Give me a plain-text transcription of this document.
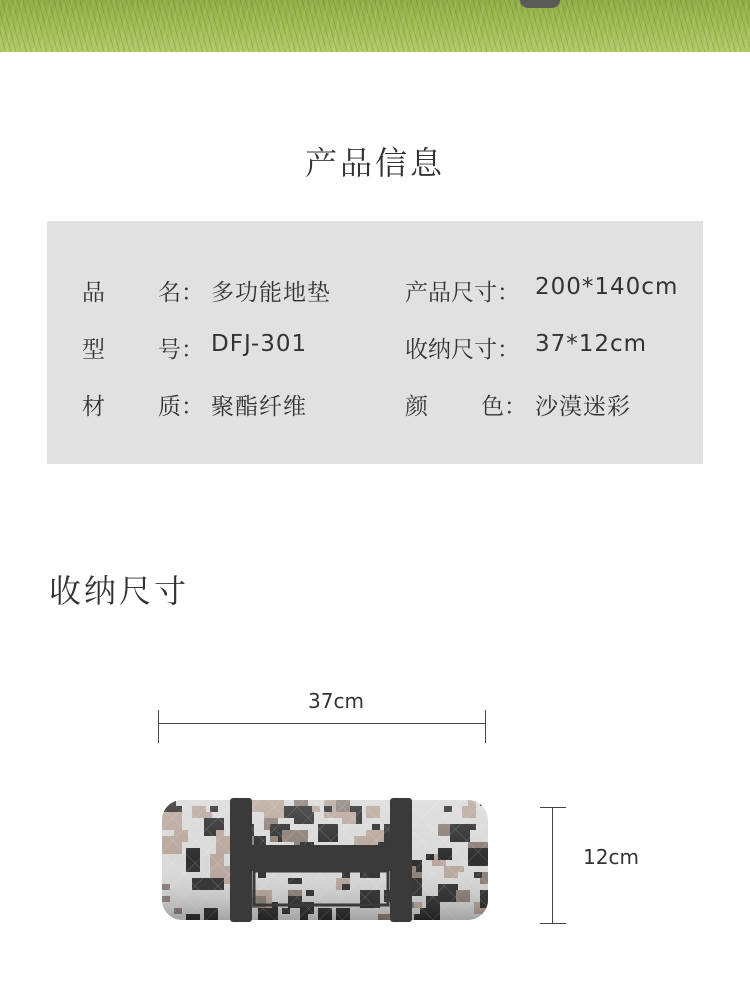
产品信息
品 名： 多功能地垫	产品尺寸： 200*140cm
型 号： DFJ-301	收纳尺寸： 37*12cm
材 质： 聚酯纤维	颜 色： 沙漠迷彩
收纳尺寸
37cm
12cm
